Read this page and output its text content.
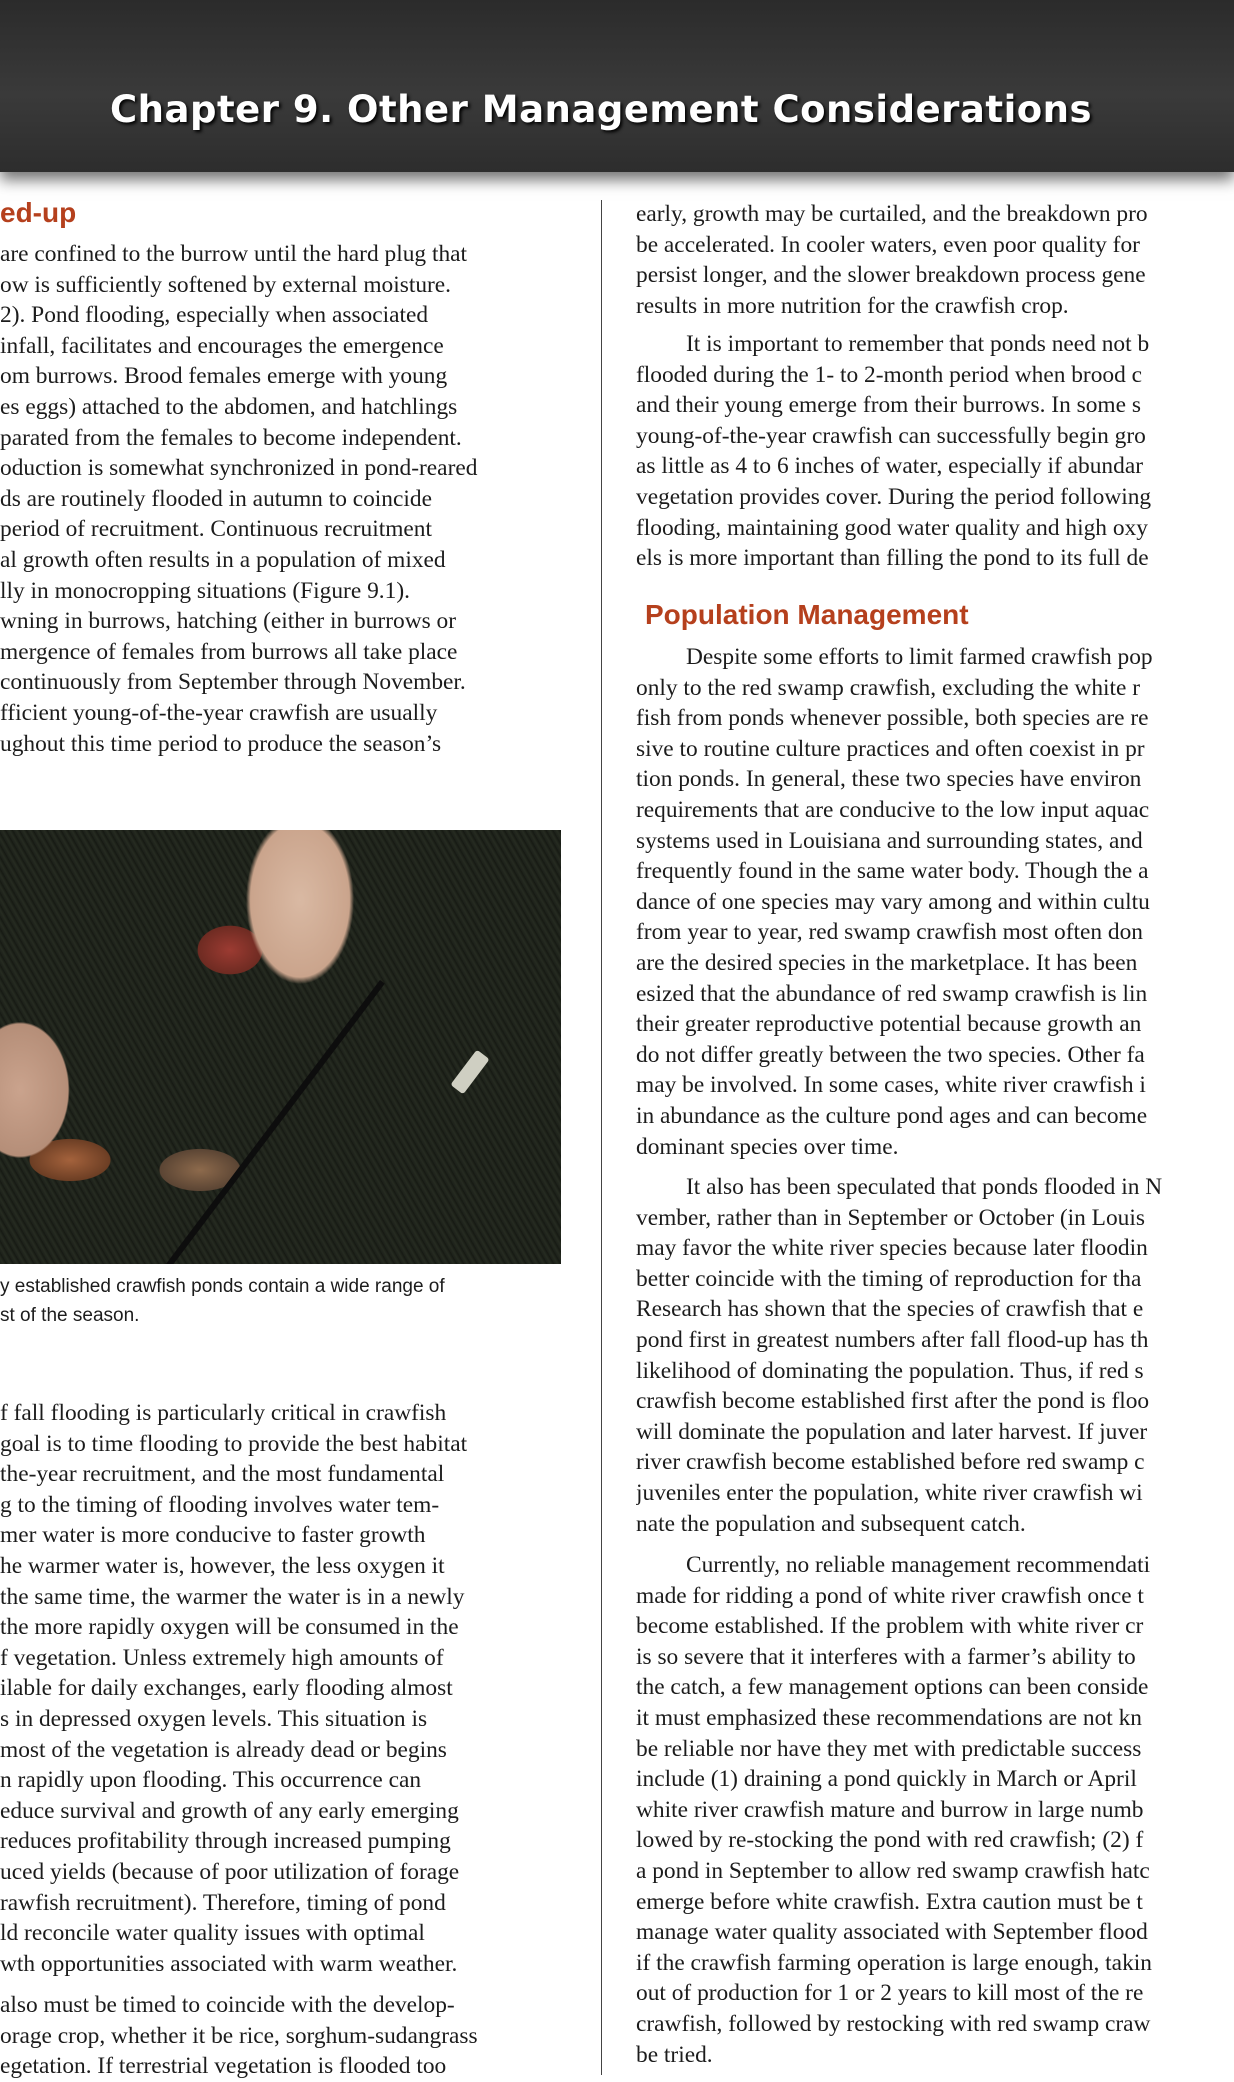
Chapter 9. Other Management Considerations
ed-up
are confined to the burrow until the hard plug that
ow is sufficiently softened by external moisture.
2). Pond flooding, especially when associated
infall, facilitates and encourages the emergence
om burrows. Brood females emerge with young
es eggs) attached to the abdomen, and hatchlings
parated from the females to become independent.
oduction is somewhat synchronized in pond-reared
ds are routinely flooded in autumn to coincide
period of recruitment. Continuous recruitment
al growth often results in a population of mixed
lly in monocropping situations (Figure 9.1).
wning in burrows, hatching (either in burrows or
mergence of females from burrows all take place
continuously from September through November.
fficient young-of-the-year crawfish are usually
ughout this time period to produce the season’s
y established crawfish ponds contain a wide range of
st of the season.
f fall flooding is particularly critical in crawfish
goal is to time flooding to provide the best habitat
the-year recruitment, and the most fundamental
g to the timing of flooding involves water tem-
mer water is more conducive to faster growth
he warmer water is, however, the less oxygen it
the same time, the warmer the water is in a newly
the more rapidly oxygen will be consumed in the
f vegetation. Unless extremely high amounts of
ilable for daily exchanges, early flooding almost
s in depressed oxygen levels. This situation is
most of the vegetation is already dead or begins
n rapidly upon flooding. This occurrence can
educe survival and growth of any early emerging
reduces profitability through increased pumping
uced yields (because of poor utilization of forage
rawfish recruitment). Therefore, timing of pond
ld reconcile water quality issues with optimal
wth opportunities associated with warm weather.
also must be timed to coincide with the develop-
orage crop, whether it be rice, sorghum-sudangrass
egetation. If terrestrial vegetation is flooded too
early, growth may be curtailed, and the breakdown pro
be accelerated. In cooler waters, even poor quality for
persist longer, and the slower breakdown process gene
results in more nutrition for the crawfish crop.
It is important to remember that ponds need not b
flooded during the 1- to 2-month period when brood c
and their young emerge from their burrows. In some s
young-of-the-year crawfish can successfully begin gro
as little as 4 to 6 inches of water, especially if abundar
vegetation provides cover. During the period following
flooding, maintaining good water quality and high oxy
els is more important than filling the pond to its full de
Population Management
Despite some efforts to limit farmed crawfish pop
only to the red swamp crawfish, excluding the white r
fish from ponds whenever possible, both species are re
sive to routine culture practices and often coexist in pr
tion ponds. In general, these two species have environ
requirements that are conducive to the low input aquac
systems used in Louisiana and surrounding states, and
frequently found in the same water body. Though the a
dance of one species may vary among and within cultu
from year to year, red swamp crawfish most often don
are the desired species in the marketplace. It has been
esized that the abundance of red swamp crawfish is lin
their greater reproductive potential because growth an
do not differ greatly between the two species. Other fa
may be involved. In some cases, white river crawfish i
in abundance as the culture pond ages and can become
dominant species over time.
It also has been speculated that ponds flooded in N
vember, rather than in September or October (in Louis
may favor the white river species because later floodin
better coincide with the timing of reproduction for tha
Research has shown that the species of crawfish that e
pond first in greatest numbers after fall flood-up has th
likelihood of dominating the population. Thus, if red s
crawfish become established first after the pond is floo
will dominate the population and later harvest. If juver
river crawfish become established before red swamp c
juveniles enter the population, white river crawfish wi
nate the population and subsequent catch.
Currently, no reliable management recommendati
made for ridding a pond of white river crawfish once t
become established. If the problem with white river cr
is so severe that it interferes with a farmer’s ability to
the catch, a few management options can been conside
it must emphasized these recommendations are not kn
be reliable nor have they met with predictable success
include (1) draining a pond quickly in March or April
white river crawfish mature and burrow in large numb
lowed by re-stocking the pond with red crawfish; (2) f
a pond in September to allow red swamp crawfish hatc
emerge before white crawfish. Extra caution must be t
manage water quality associated with September flood
if the crawfish farming operation is large enough, takin
out of production for 1 or 2 years to kill most of the re
crawfish, followed by restocking with red swamp craw
be tried.
